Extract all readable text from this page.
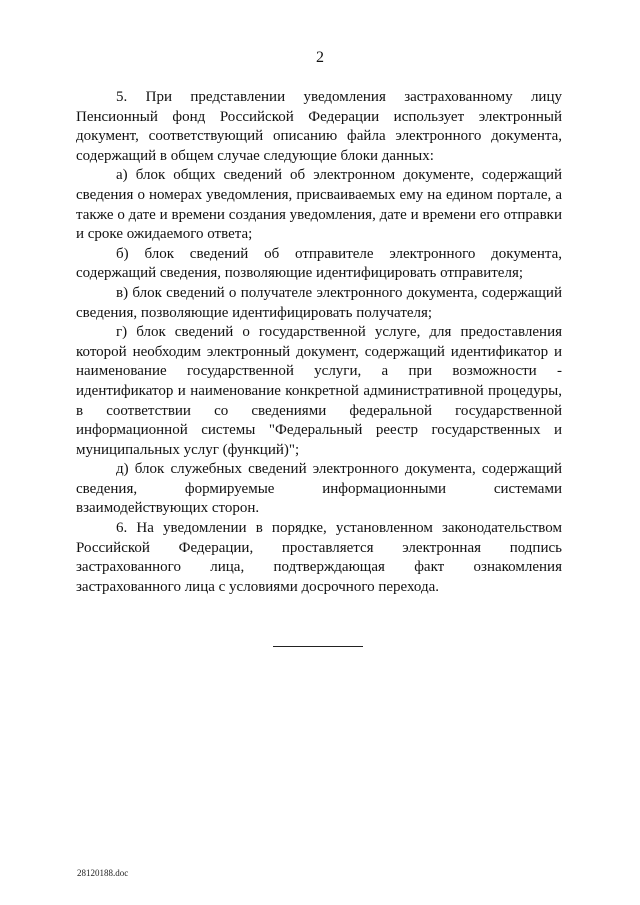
2

5. При представлении уведомления застрахованному лицу Пенсионный фонд Российской Федерации использует электронный документ, соответствующий описанию файла электронного документа, содержащий в общем случае следующие блоки данных:

а) блок общих сведений об электронном документе, содержащий сведения о номерах уведомления, присваиваемых ему на едином портале, а также о дате и времени создания уведомления, дате и времени его отправки и сроке ожидаемого ответа;

б) блок сведений об отправителе электронного документа, содержащий сведения, позволяющие идентифицировать отправителя;

в) блок сведений о получателе электронного документа, содержащий сведения, позволяющие идентифицировать получателя;

г) блок сведений о государственной услуге, для предоставления которой необходим электронный документ, содержащий идентификатор и наименование государственной услуги, а при возможности - идентификатор и наименование конкретной административной процедуры, в соответствии со сведениями федеральной государственной информационной системы "Федеральный реестр государственных и муниципальных услуг (функций)";

д) блок служебных сведений электронного документа, содержащий сведения, формируемые информационными системами взаимодействующих сторон.

6. На уведомлении в порядке, установленном законодательством Российской Федерации, проставляется электронная подпись застрахованного лица, подтверждающая факт ознакомления застрахованного лица с условиями досрочного перехода.

28120188.doc
